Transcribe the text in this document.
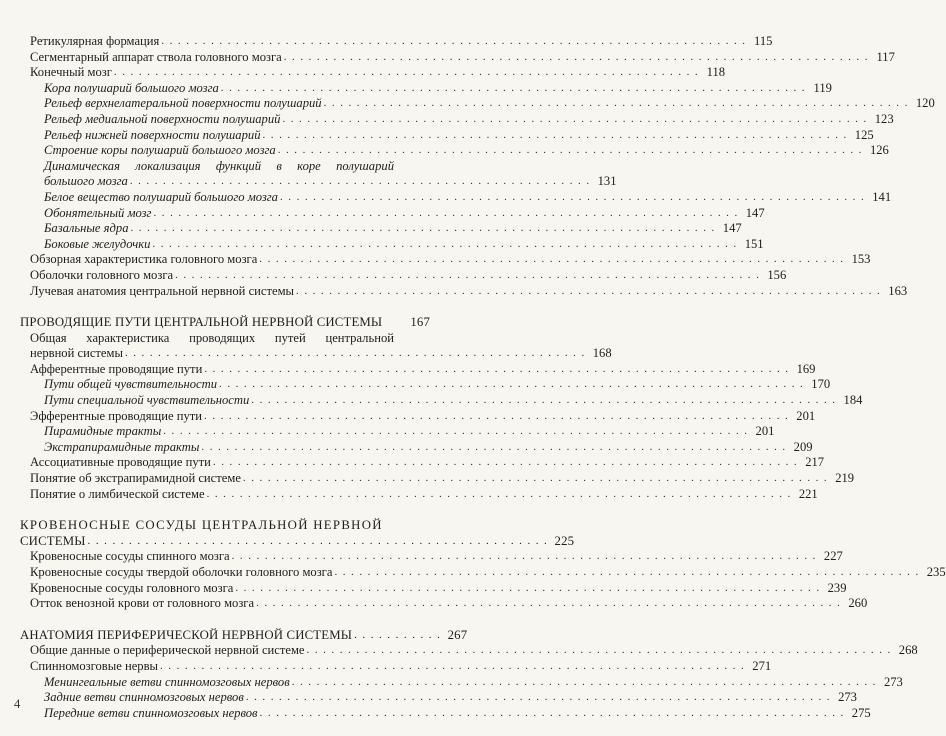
Ретикулярная формация . . . . . . . . . . . . . . . . . . . . . . . . . . . . . . . . . . . . . . . . . . . . . . . . . . . . . . . . . . . . . . . . . . . . . . . 115
Сегментарный аппарат ствола головного мозга . . . . . . . . . . . . . . . . . . . . . . . . . . . . . . . . . . . . . . . . . . . . . . . . . . . . . . . . . . . . . . . . . . . . . . . 117
Конечный мозг . . . . . . . . . . . . . . . . . . . . . . . . . . . . . . . . . . . . . . . . . . . . . . . . . . . . . . . . . . . . . . . . . . . . . . . 118
Кора полушарий большого мозга . . . . . . . . . . . . . . . . . . . . . . . . . . . . . . . . . . . . . . . . . . . . . . . . . . . . . . . . . . . . . . . . . . . . . . . 119
Рельеф верхнелатеральной поверхности полушарий . . . . . . . . . . . . . . . . . . . . . . . . . . . . . . . . . . . . . . . . . . . . . . . . . . . . . . . . . . . . . . . . . . . . . . . 120
Рельеф медиальной поверхности полушарий . . . . . . . . . . . . . . . . . . . . . . . . . . . . . . . . . . . . . . . . . . . . . . . . . . . . . . . . . . . . . . . . . . . . . . . 123
Рельеф нижней поверхности полушарий . . . . . . . . . . . . . . . . . . . . . . . . . . . . . . . . . . . . . . . . . . . . . . . . . . . . . . . . . . . . . . . . . . . . . . . 125
Строение коры полушарий большого мозга . . . . . . . . . . . . . . . . . . . . . . . . . . . . . . . . . . . . . . . . . . . . . . . . . . . . . . . . . . . . . . . . . . . . . . . 126
Динамическая локализация функций в коре полушарий
большого мозга . . . . . . . . . . . . . . . . . . . . . . . . . . . . . . . . . . . . . . . . . . . . . . . . . . . . . . . . 131
Белое вещество полушарий большого мозга . . . . . . . . . . . . . . . . . . . . . . . . . . . . . . . . . . . . . . . . . . . . . . . . . . . . . . . . . . . . . . . . . . . . . . . 141
Обонятельный мозг . . . . . . . . . . . . . . . . . . . . . . . . . . . . . . . . . . . . . . . . . . . . . . . . . . . . . . . . . . . . . . . . . . . . . . . 147
Базальные ядра . . . . . . . . . . . . . . . . . . . . . . . . . . . . . . . . . . . . . . . . . . . . . . . . . . . . . . . . . . . . . . . . . . . . . . . 147
Боковые желудочки . . . . . . . . . . . . . . . . . . . . . . . . . . . . . . . . . . . . . . . . . . . . . . . . . . . . . . . . . . . . . . . . . . . . . . . 151
Обзорная характеристика головного мозга . . . . . . . . . . . . . . . . . . . . . . . . . . . . . . . . . . . . . . . . . . . . . . . . . . . . . . . . . . . . . . . . . . . . . . . 153
Оболочки головного мозга . . . . . . . . . . . . . . . . . . . . . . . . . . . . . . . . . . . . . . . . . . . . . . . . . . . . . . . . . . . . . . . . . . . . . . . 156
Лучевая анатомия центральной нервной системы . . . . . . . . . . . . . . . . . . . . . . . . . . . . . . . . . . . . . . . . . . . . . . . . . . . . . . . . . . . . . . . . . . . . . . . 163
ПРОВОДЯЩИЕ ПУТИ ЦЕНТРАЛЬНОЙ НЕРВНОЙ СИСТЕМЫ	167
Общая характеристика проводящих путей центральной
нервной системы . . . . . . . . . . . . . . . . . . . . . . . . . . . . . . . . . . . . . . . . . . . . . . . . . . . . . . . . 168
Афферентные проводящие пути . . . . . . . . . . . . . . . . . . . . . . . . . . . . . . . . . . . . . . . . . . . . . . . . . . . . . . . . . . . . . . . . . . . . . . . 169
Пути общей чувствительности . . . . . . . . . . . . . . . . . . . . . . . . . . . . . . . . . . . . . . . . . . . . . . . . . . . . . . . . . . . . . . . . . . . . . . . 170
Пути специальной чувствительности . . . . . . . . . . . . . . . . . . . . . . . . . . . . . . . . . . . . . . . . . . . . . . . . . . . . . . . . . . . . . . . . . . . . . . . 184
Эфферентные проводящие пути . . . . . . . . . . . . . . . . . . . . . . . . . . . . . . . . . . . . . . . . . . . . . . . . . . . . . . . . . . . . . . . . . . . . . . . 201
Пирамидные тракты . . . . . . . . . . . . . . . . . . . . . . . . . . . . . . . . . . . . . . . . . . . . . . . . . . . . . . . . . . . . . . . . . . . . . . . 201
Экстрапирамидные тракты . . . . . . . . . . . . . . . . . . . . . . . . . . . . . . . . . . . . . . . . . . . . . . . . . . . . . . . . . . . . . . . . . . . . . . . 209
Ассоциативные проводящие пути . . . . . . . . . . . . . . . . . . . . . . . . . . . . . . . . . . . . . . . . . . . . . . . . . . . . . . . . . . . . . . . . . . . . . . . 217
Понятие об экстрапирамидной системе . . . . . . . . . . . . . . . . . . . . . . . . . . . . . . . . . . . . . . . . . . . . . . . . . . . . . . . . . . . . . . . . . . . . . . . 219
Понятие о лимбической системе . . . . . . . . . . . . . . . . . . . . . . . . . . . . . . . . . . . . . . . . . . . . . . . . . . . . . . . . . . . . . . . . . . . . . . . 221
КРОВЕНОСНЫЕ СОСУДЫ ЦЕНТРАЛЬНОЙ НЕРВНОЙ
СИСТЕМЫ . . . . . . . . . . . . . . . . . . . . . . . . . . . . . . . . . . . . . . . . . . . . . . . . . . . . . . . . 225
Кровеносные сосуды спинного мозга . . . . . . . . . . . . . . . . . . . . . . . . . . . . . . . . . . . . . . . . . . . . . . . . . . . . . . . . . . . . . . . . . . . . . . . 227
Кровеносные сосуды твердой оболочки головного мозга . . . . . . . . . . . . . . . . . . . . . . . . . . . . . . . . . . . . . . . . . . . . . . . . . . . . . . . . . . . . . . . . . . . . . . . 235
Кровеносные сосуды головного мозга . . . . . . . . . . . . . . . . . . . . . . . . . . . . . . . . . . . . . . . . . . . . . . . . . . . . . . . . . . . . . . . . . . . . . . . 239
Отток венозной крови от головного мозга . . . . . . . . . . . . . . . . . . . . . . . . . . . . . . . . . . . . . . . . . . . . . . . . . . . . . . . . . . . . . . . . . . . . . . . 260
АНАТОМИЯ ПЕРИФЕРИЧЕСКОЙ НЕРВНОЙ СИСТЕМЫ . . . . . . . . . . . 267
Общие данные о периферической нервной системе . . . . . . . . . . . . . . . . . . . . . . . . . . . . . . . . . . . . . . . . . . . . . . . . . . . . . . . . . . . . . . . . . . . . . . . 268
Спинномозговые нервы . . . . . . . . . . . . . . . . . . . . . . . . . . . . . . . . . . . . . . . . . . . . . . . . . . . . . . . . . . . . . . . . . . . . . . . 271
Менингеальные ветви спинномозговых нервов . . . . . . . . . . . . . . . . . . . . . . . . . . . . . . . . . . . . . . . . . . . . . . . . . . . . . . . . . . . . . . . . . . . . . . . 273
Задние ветви спинномозговых нервов . . . . . . . . . . . . . . . . . . . . . . . . . . . . . . . . . . . . . . . . . . . . . . . . . . . . . . . . . . . . . . . . . . . . . . . 273
Передние ветви спинномозговых нервов . . . . . . . . . . . . . . . . . . . . . . . . . . . . . . . . . . . . . . . . . . . . . . . . . . . . . . . . . . . . . . . . . . . . . . . 275
4
